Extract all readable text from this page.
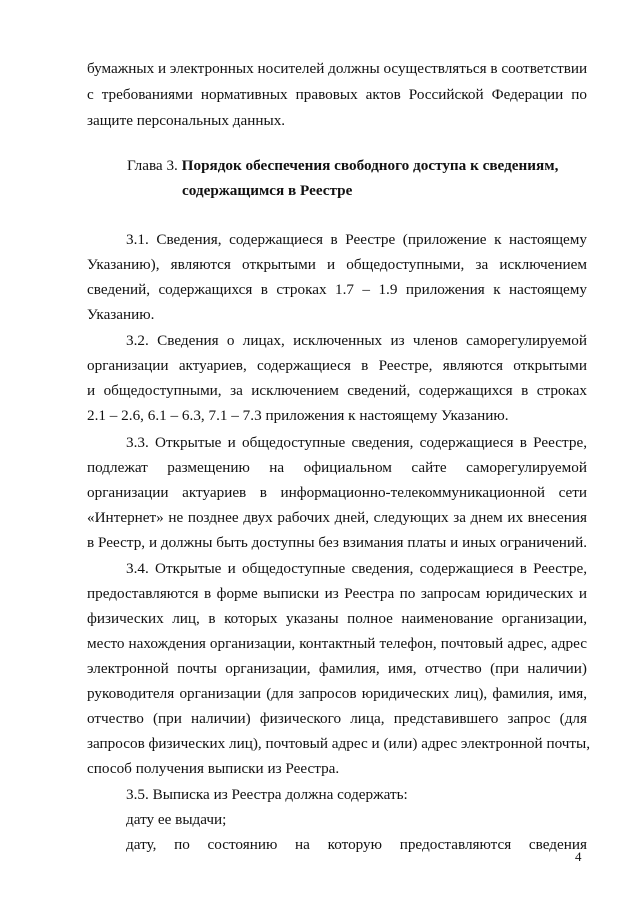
бумажных и электронных носителей должны осуществляться в соответствии

с требованиями нормативных правовых актов Российской Федерации по

защите персональных данных.

Глава 3. Порядок обеспечения свободного доступа к сведениям,

содержащимся в Реестре

3.1. Сведения, содержащиеся в Реестре (приложение к настоящему

Указанию), являются открытыми и общедоступными, за исключением

сведений, содержащихся в строках 1.7 – 1.9 приложения к настоящему

Указанию.

3.2. Сведения о лицах, исключенных из членов саморегулируемой

организации актуариев, содержащиеся в Реестре, являются открытыми

и общедоступными, за исключением сведений, содержащихся в строках

2.1 – 2.6, 6.1 – 6.3, 7.1 – 7.3 приложения к настоящему Указанию.

3.3. Открытые и общедоступные сведения, содержащиеся в Реестре,

подлежат размещению на официальном сайте саморегулируемой

организации актуариев в информационно-телекоммуникационной сети

«Интернет» не позднее двух рабочих дней, следующих за днем их внесения

в Реестр, и должны быть доступны без взимания платы и иных ограничений.

3.4. Открытые и общедоступные сведения, содержащиеся в Реестре,

предоставляются в форме выписки из Реестра по запросам юридических и

физических лиц, в которых указаны полное наименование организации,

место нахождения организации, контактный телефон, почтовый адрес, адрес

электронной почты организации, фамилия, имя, отчество (при наличии)

руководителя организации (для запросов юридических лиц), фамилия, имя,

отчество (при наличии) физического лица, представившего запрос (для

запросов физических лиц), почтовый адрес и (или) адрес электронной почты,

способ получения выписки из Реестра.

3.5. Выписка из Реестра должна содержать:

дату ее выдачи;

дату, по состоянию на которую предоставляются сведения

4
